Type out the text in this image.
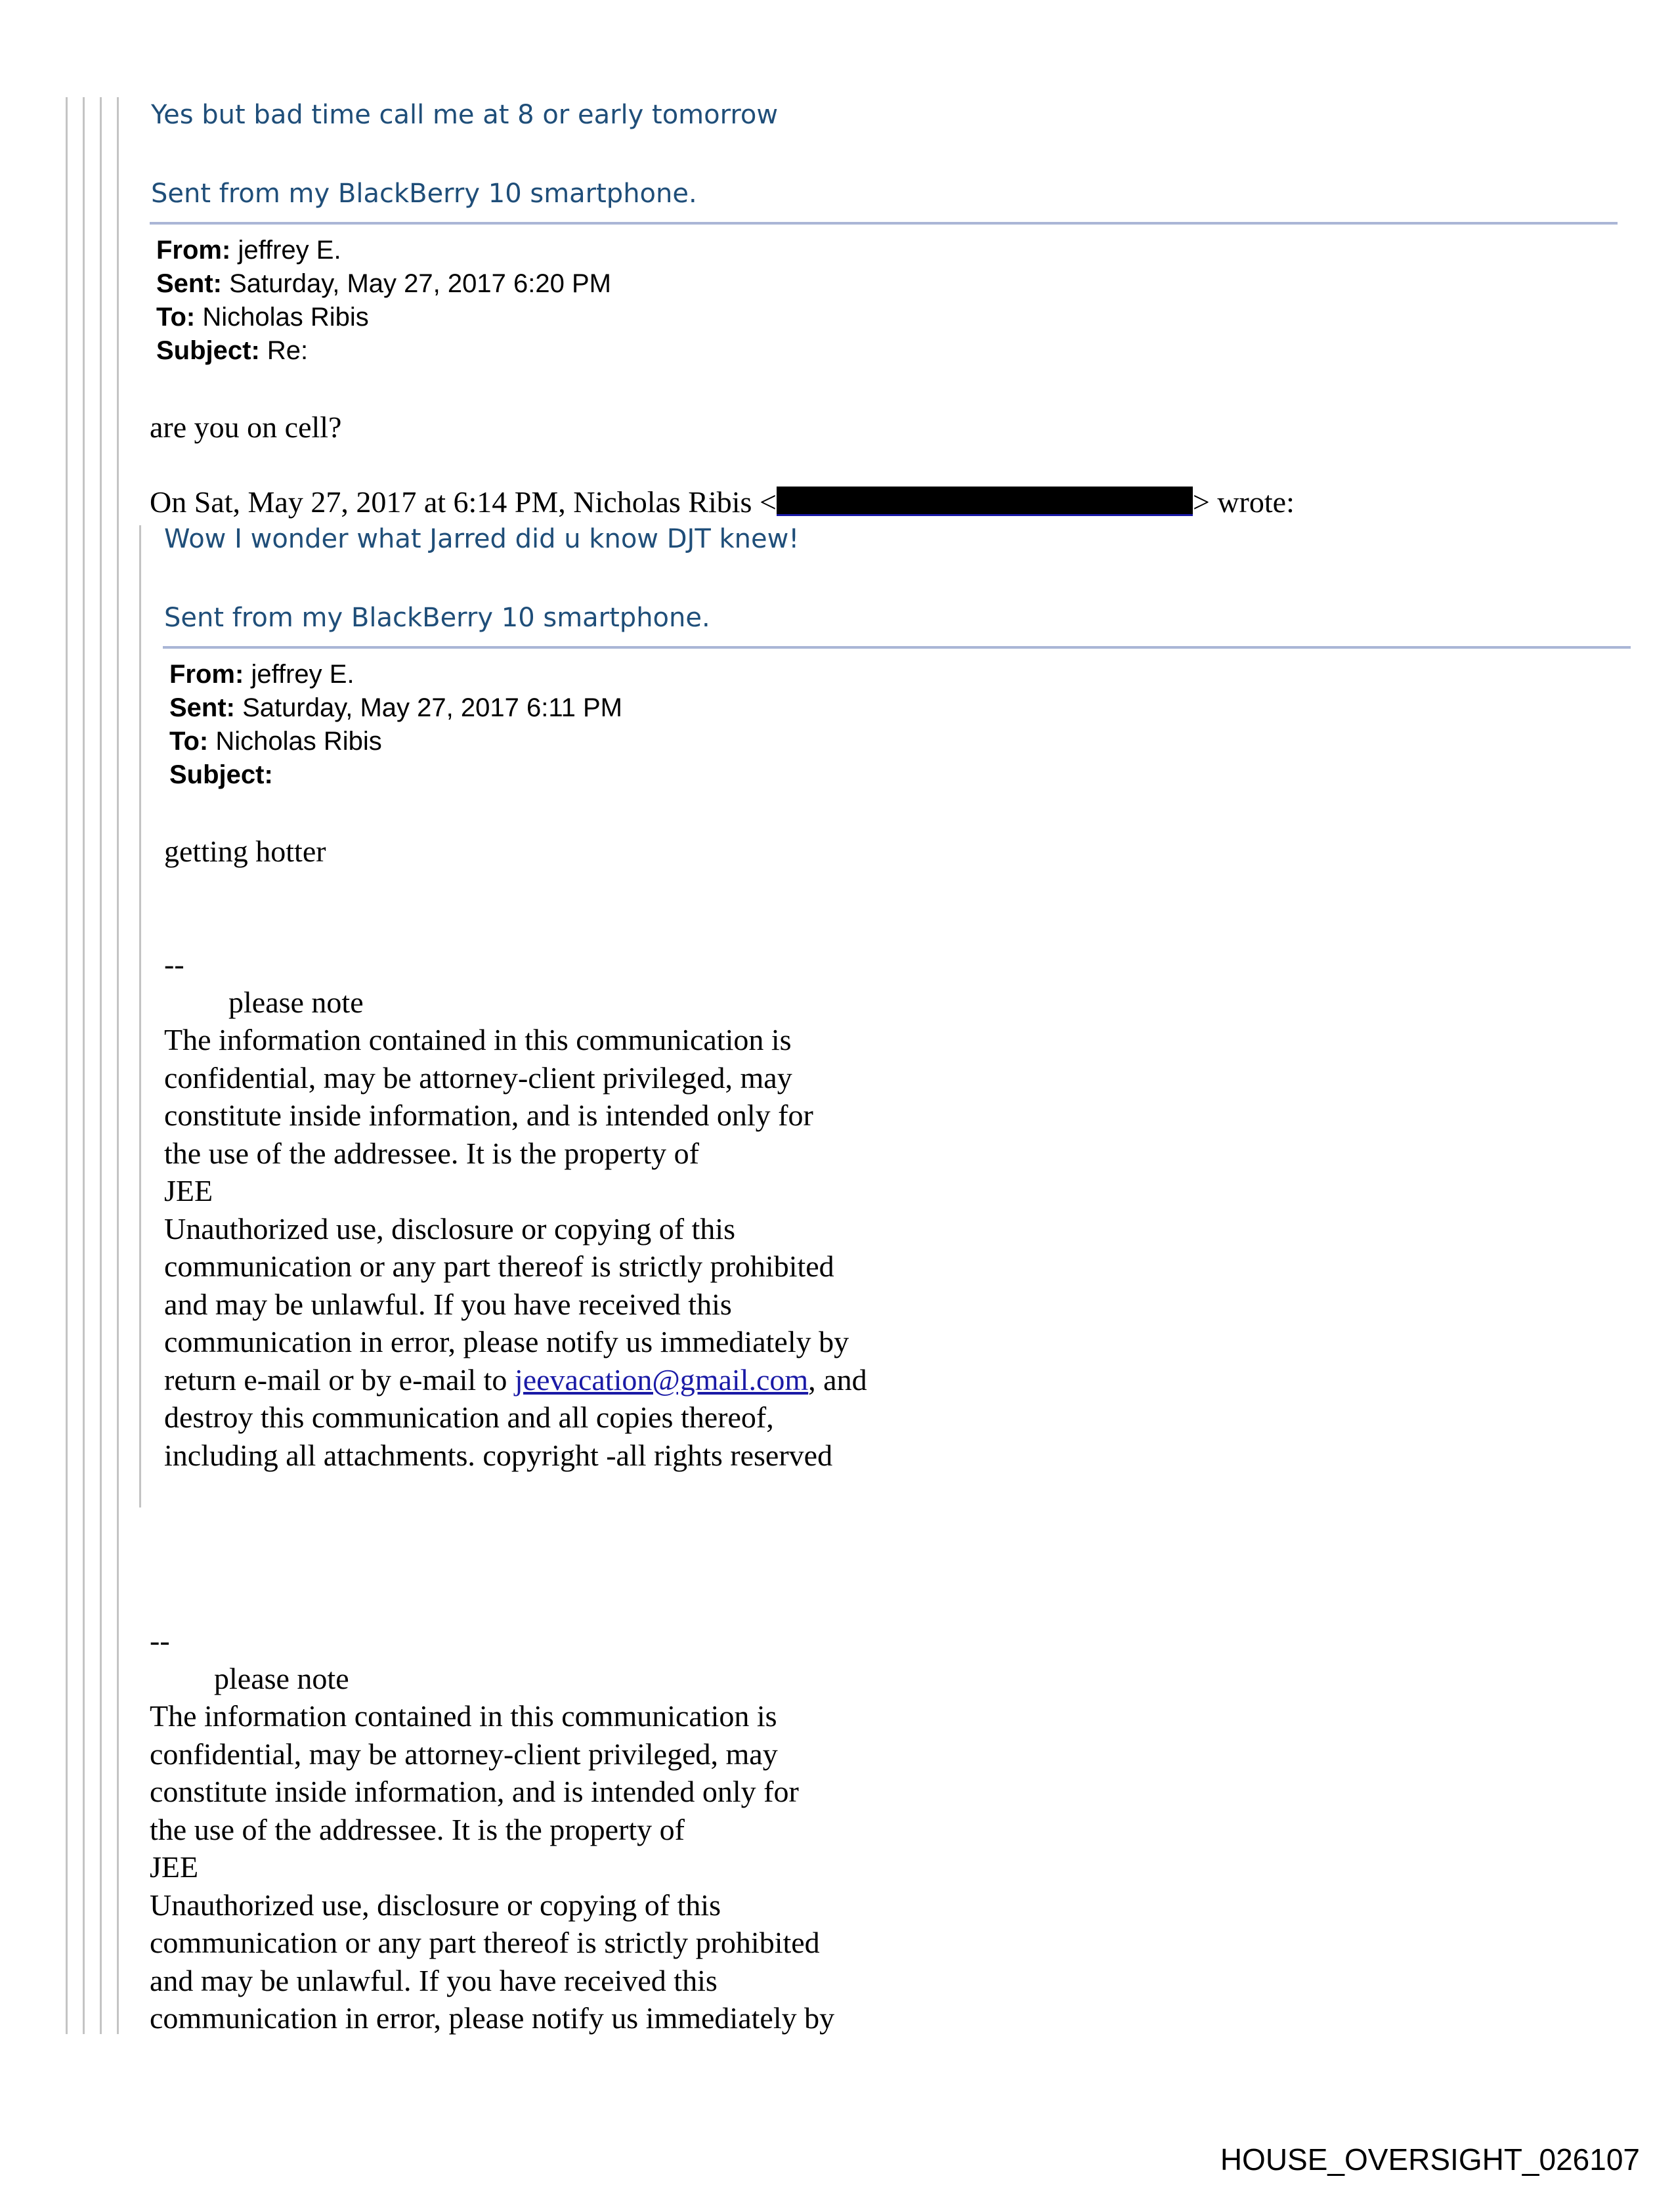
Yes but bad time call me at 8 or early tomorrow

Sent from my BlackBerry 10 smartphone.

From: jeffrey E.
Sent: Saturday, May 27, 2017 6:20 PM
To: Nicholas Ribis
Subject: Re:

are you on cell?

On Sat, May 27, 2017 at 6:14 PM, Nicholas Ribis <	> wrote:

Wow I wonder what Jarred did u know DJT knew!

Sent from my BlackBerry 10 smartphone.

From: jeffrey E.
Sent: Saturday, May 27, 2017 6:11 PM
To: Nicholas Ribis
Subject:

getting hotter

--
please note
The information contained in this communication is
confidential, may be attorney-client privileged, may
constitute inside information, and is intended only for
the use of the addressee. It is the property of
JEE
Unauthorized use, disclosure or copying of this
communication or any part thereof is strictly prohibited
and may be unlawful. If you have received this
communication in error, please notify us immediately by
return e-mail or by e-mail to jeevacation@gmail.com, and
destroy this communication and all copies thereof,
including all attachments. copyright -all rights reserved
--
please note
The information contained in this communication is
confidential, may be attorney-client privileged, may
constitute inside information, and is intended only for
the use of the addressee. It is the property of
JEE
Unauthorized use, disclosure or copying of this
communication or any part thereof is strictly prohibited
and may be unlawful. If you have received this
communication in error, please notify us immediately by

HOUSE_OVERSIGHT_026107
